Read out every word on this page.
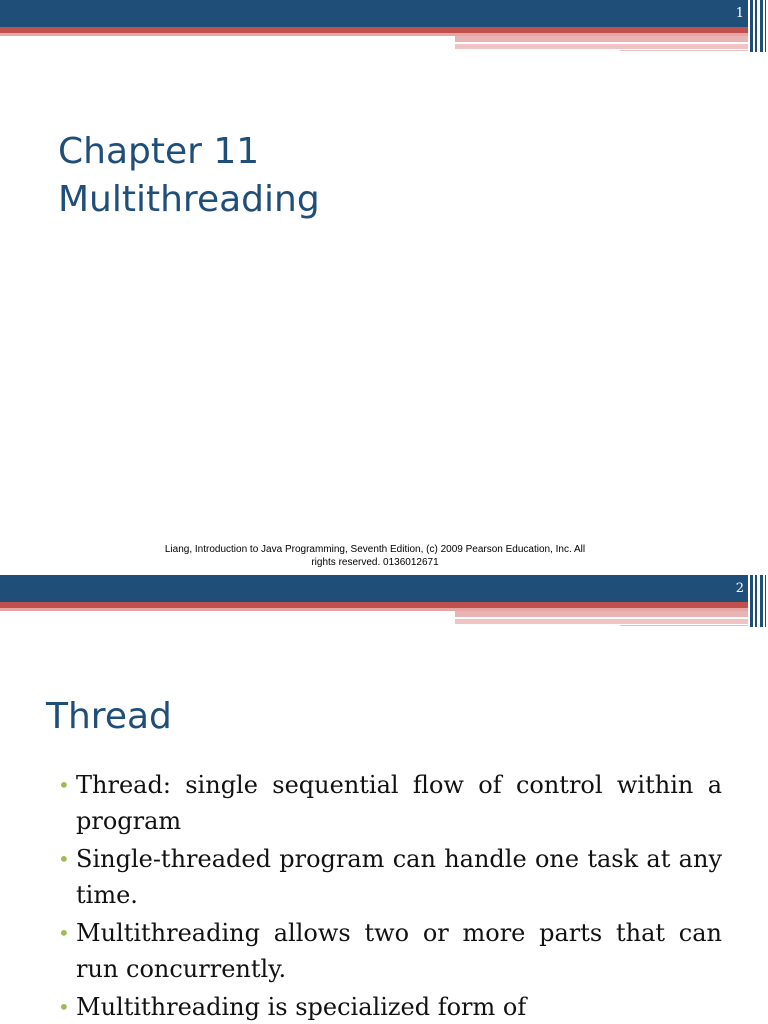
1
Chapter 11
Multithreading
Liang, Introduction to Java Programming, Seventh Edition, (c) 2009 Pearson Education, Inc. All
rights reserved. 0136012671
2
Thread
• Thread: single sequential flow of control within a program
• Single-threaded program can handle one task at any time.
• Multithreading allows two or more parts that can run concurrently.
• Multithreading is specialized form of
